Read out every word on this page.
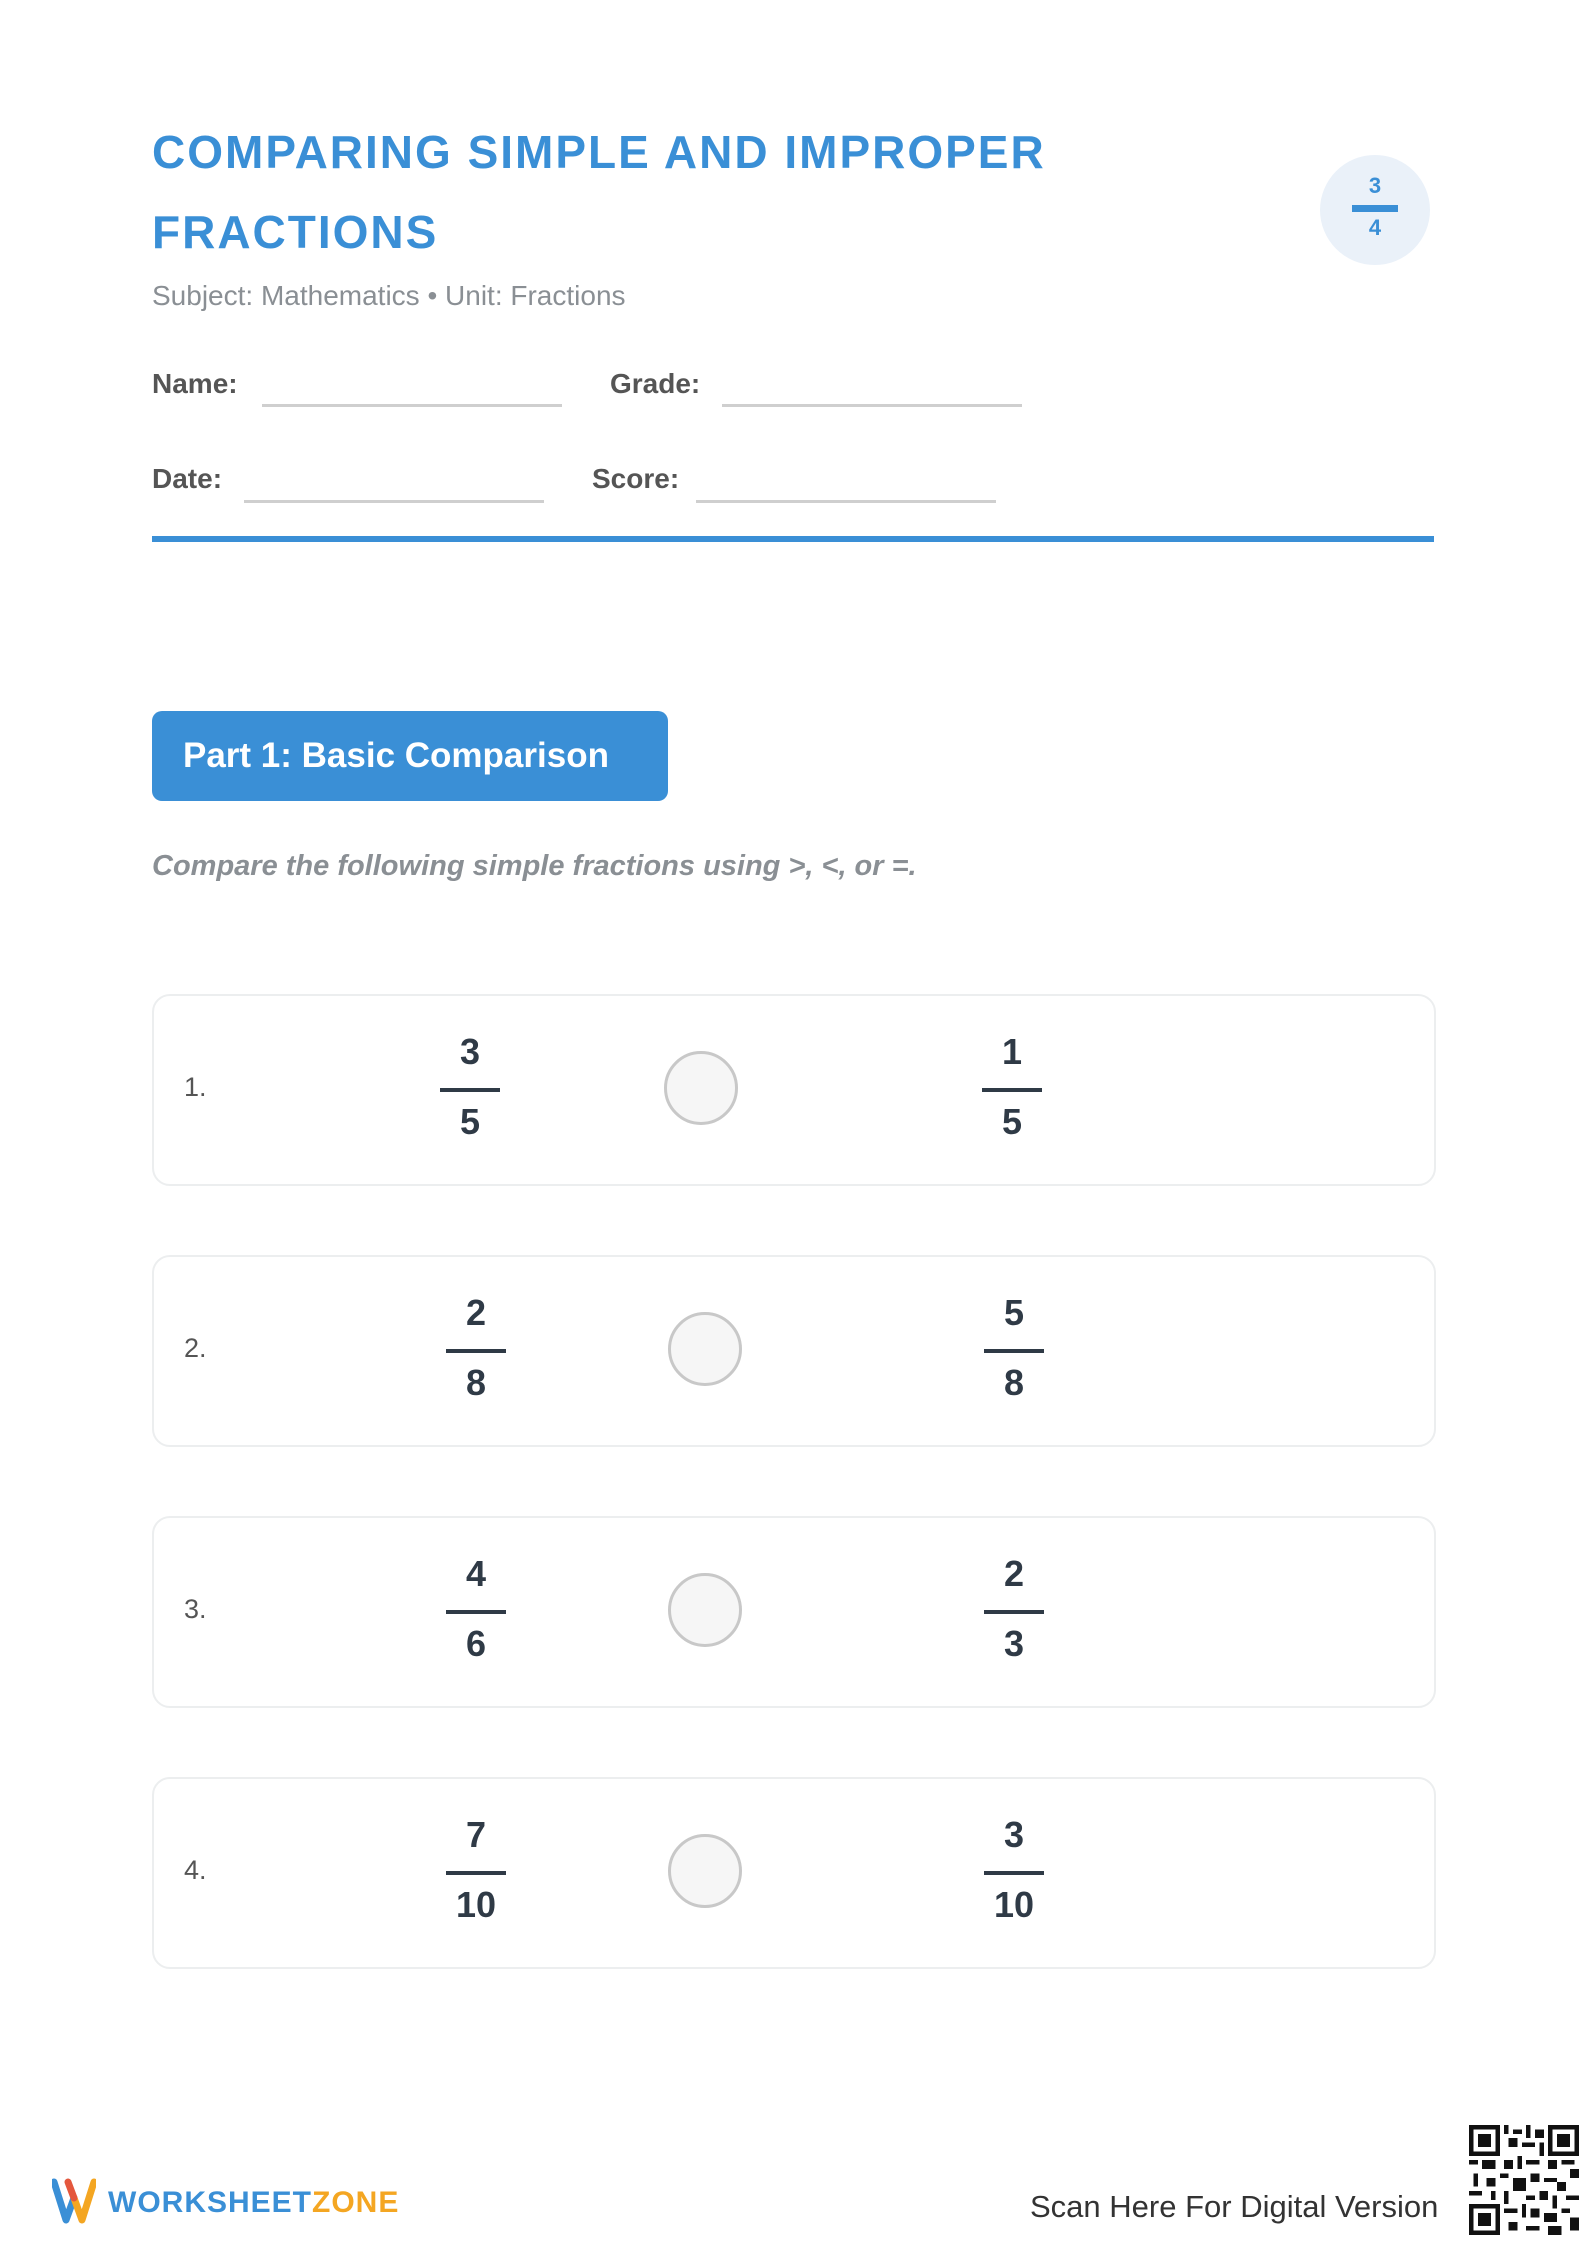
COMPARING SIMPLE AND IMPROPER FRACTIONS
3
4
Subject: Mathematics • Unit: Fractions
Name:	Grade:
Date:	Score:
Part 1: Basic Comparison
Compare the following simple fractions using >, <, or =.
1.
3
5
1
5
2.
2
8
5
8
3.
4
6
2
3
4.
7
10
3
10
WORKSHEETZONE	Scan Here For Digital Version
